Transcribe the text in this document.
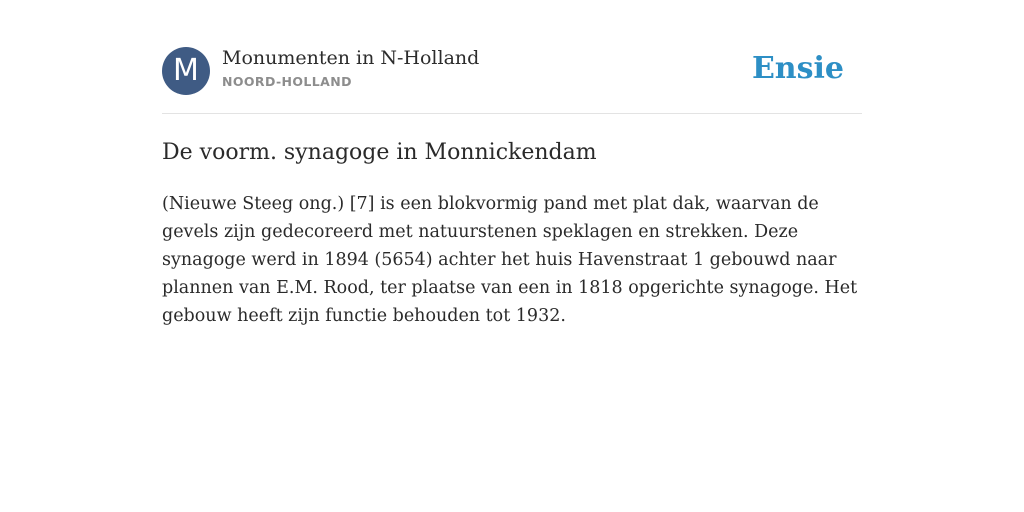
M	Monumenten in N-Holland
NOORD-HOLLAND	Ensie
De voorm. synagoge in Monnickendam

(Nieuwe Steeg ong.) [7] is een blokvormig pand met plat dak, waarvan de gevels zijn gedecoreerd met natuurstenen speklagen en strekken. Deze synagoge werd in 1894 (5654) achter het huis Havenstraat 1 gebouwd naar plannen van E.M. Rood, ter plaatse van een in 1818 opgerichte synagoge. Het gebouw heeft zijn functie behouden tot 1932.
